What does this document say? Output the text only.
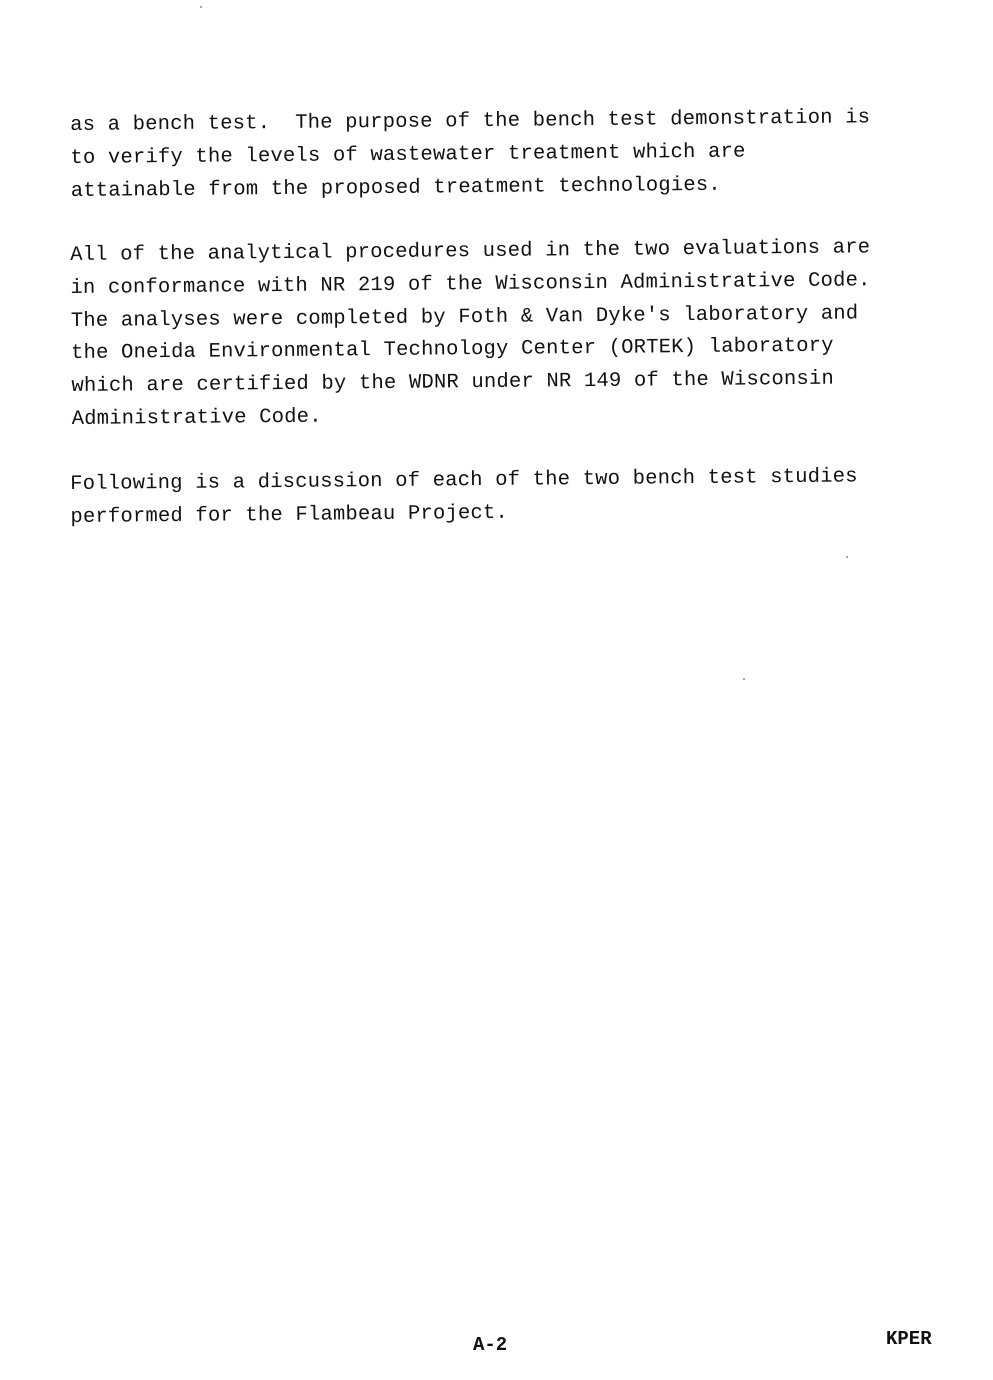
as a bench test.  The purpose of the bench test demonstration is
to verify the levels of wastewater treatment which are
attainable from the proposed treatment technologies.

All of the analytical procedures used in the two evaluations are
in conformance with NR 219 of the Wisconsin Administrative Code.
The analyses were completed by Foth & Van Dyke's laboratory and
the Oneida Environmental Technology Center (ORTEK) laboratory
which are certified by the WDNR under NR 149 of the Wisconsin
Administrative Code.

Following is a discussion of each of the two bench test studies
performed for the Flambeau Project.

A-2	KPER
